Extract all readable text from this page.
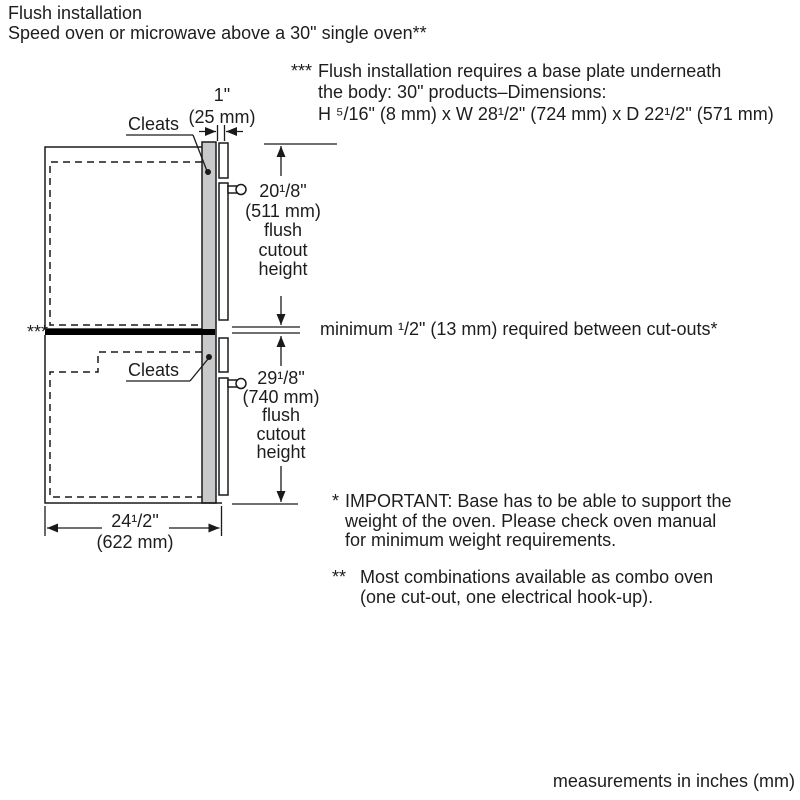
Flush installation
Speed oven or microwave above a 30" single oven**
*** Flush installation requires a base plate underneath
the body: 30" products–Dimensions:
H ⁵/16" (8 mm) x W 28¹/2" (724 mm) x D 22¹/2" (571 mm)
1"
(25 mm)
Cleats
Cleats
20¹/8"
(511 mm)
flush
cutout
height
minimum ¹/2" (13 mm) required between cut-outs*
***
29¹/8"
(740 mm)
flush
cutout
height
24¹/2"
(622 mm)
* IMPORTANT: Base has to be able to support the
weight of the oven. Please check oven manual
for minimum weight requirements.
** Most combinations available as combo oven
(one cut-out, one electrical hook-up).
measurements in inches (mm)
